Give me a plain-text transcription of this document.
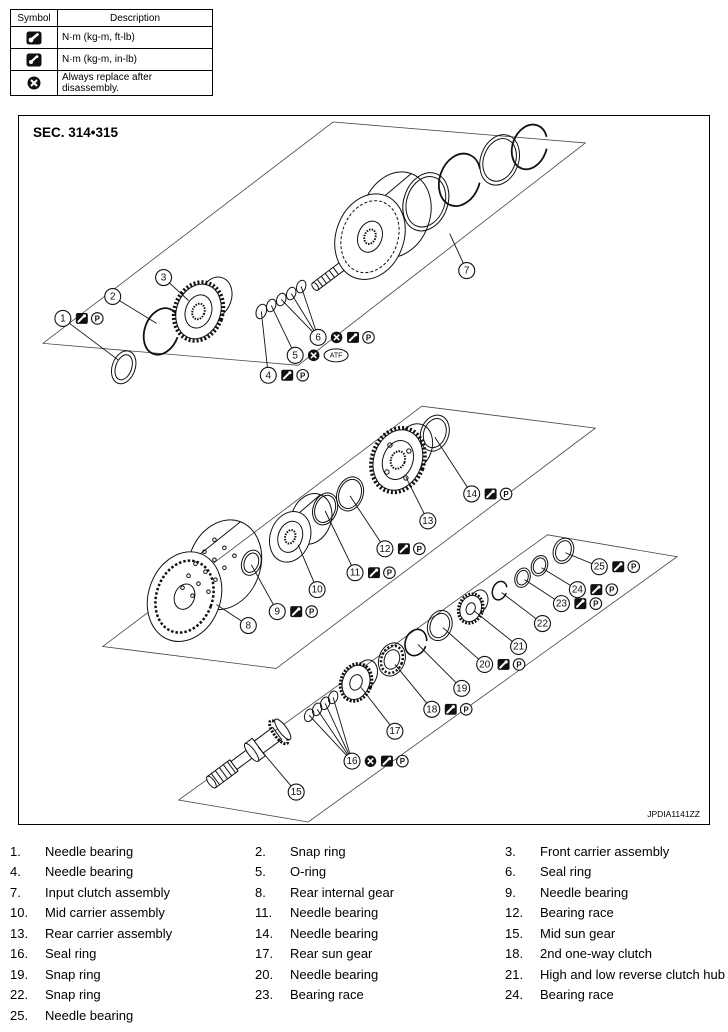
Symbol	Description
	N·m (kg-m, ft-lb)
	N·m (kg-m, in-lb)
	Always replace after disassembly.
SEC. 314•315
JPDIA1141ZZ
1	P
2
3
4	P
5	ATF
6	P
7
8
9	P
10
11	P
12	P
13
14	P
15
16	P
17
18	P
19
20	P
21
22
23	P
24	P
25	P
1.	Needle bearing	2.	Snap ring	3.	Front carrier assembly
4.	Needle bearing	5.	O-ring	6.	Seal ring
7.	Input clutch assembly	8.	Rear internal gear	9.	Needle bearing
10.	Mid carrier assembly	11.	Needle bearing	12.	Bearing race
13.	Rear carrier assembly	14.	Needle bearing	15.	Mid sun gear
16.	Seal ring	17.	Rear sun gear	18.	2nd one-way clutch
19.	Snap ring	20.	Needle bearing	21.	High and low reverse clutch hub
22.	Snap ring	23.	Bearing race	24.	Bearing race
25.	Needle bearing
